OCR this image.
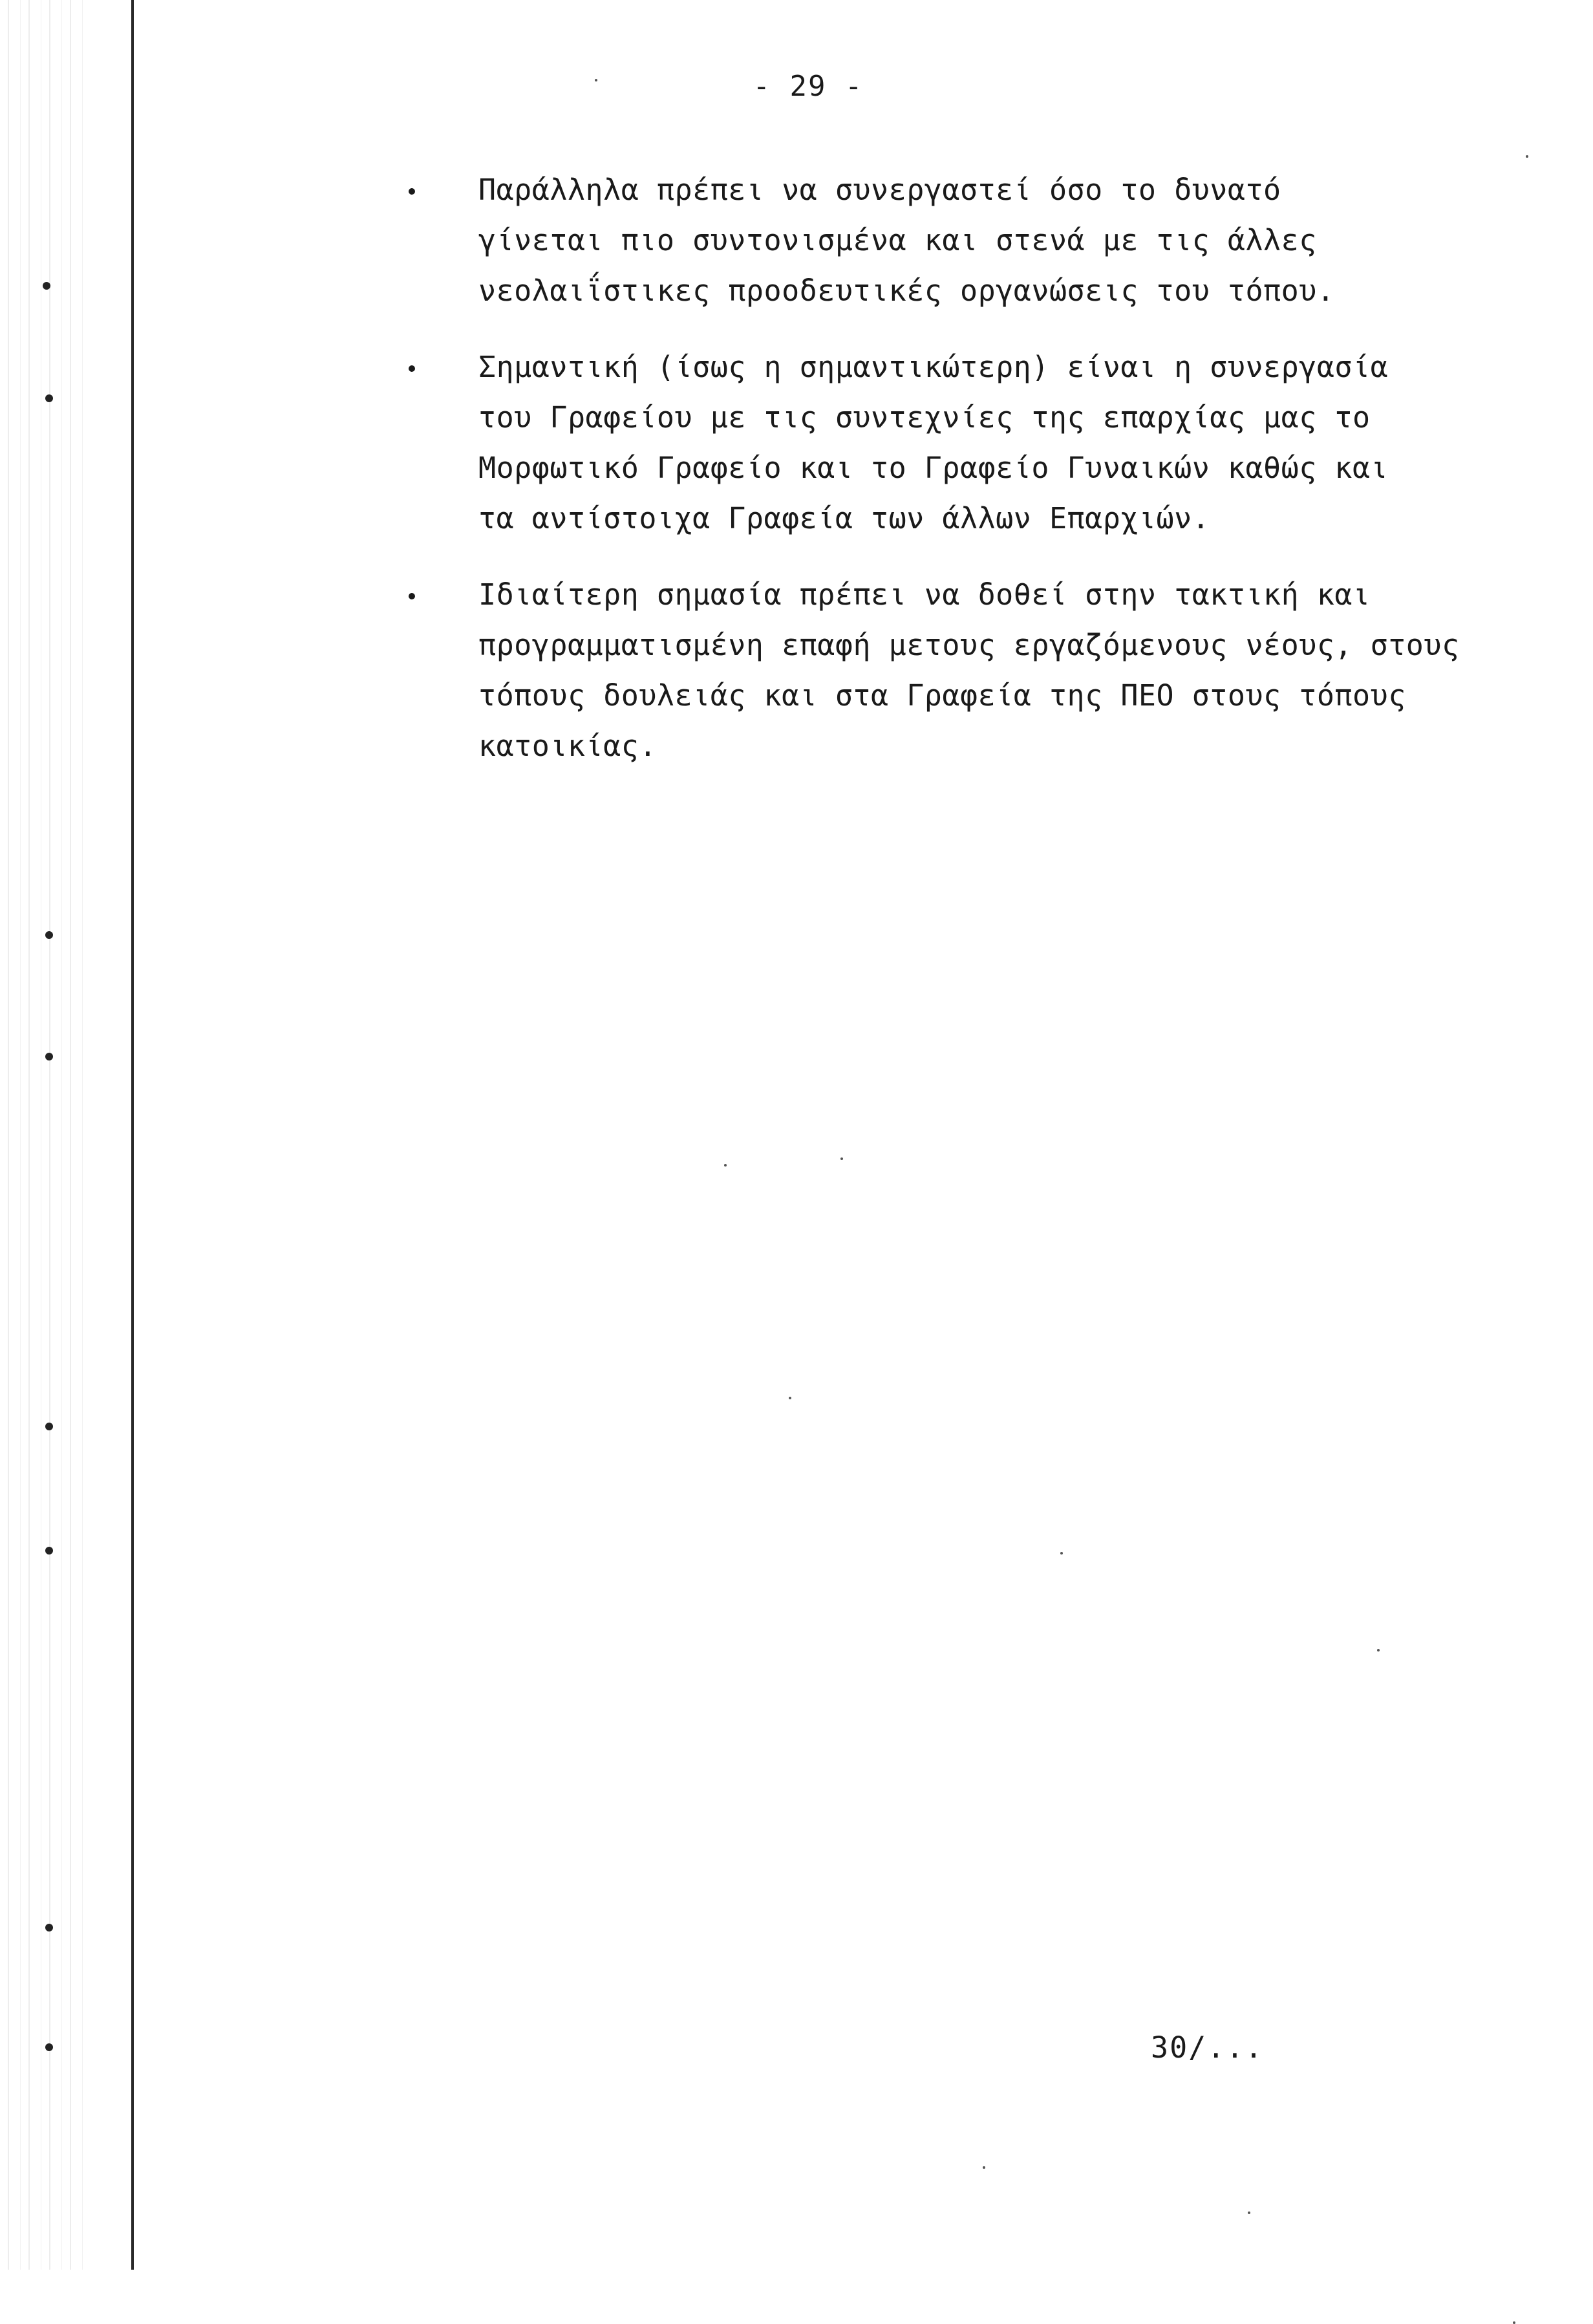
- 29 -
Παράλληλα πρέπει να συνεργαστεί όσο το δυνατό
γίνεται πιο συντονισμένα και στενά με τις άλλες
νεολαιΐστικες προοδευτικές οργανώσεις του τόπου.
Σημαντική (ίσως η σημαντικώτερη) είναι η συνεργασία
του Γραφείου με τις συντεχνίες της επαρχίας μας το
Μορφωτικό Γραφείο και το Γραφείο Γυναικών καθώς και
τα αντίστοιχα Γραφεία των άλλων Επαρχιών.
Ιδιαίτερη σημασία πρέπει να δοθεί στην τακτική και
προγραμματισμένη επαφή μετους εργαζόμενους νέους, στους
τόπους δουλειάς και στα Γραφεία της ΠΕΟ στους τόπους
κατοικίας.
30/...
